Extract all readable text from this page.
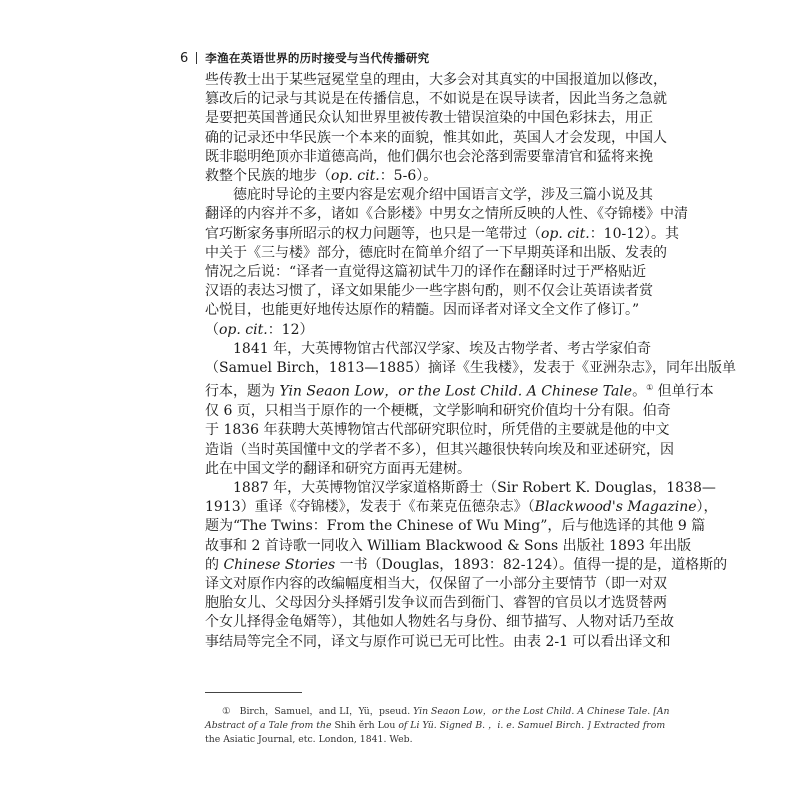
6 李渔在英语世界的历时接受与当代传播研究
些传教士出于某些冠冕堂皇的理由，大多会对其真实的中国报道加以修改，
篡改后的记录与其说是在传播信息，不如说是在误导读者，因此当务之急就
是要把英国普通民众认知世界里被传教士错误渲染的中国色彩抹去，用正
确的记录还中华民族一个本来的面貌，惟其如此，英国人才会发现，中国人
既非聪明绝顶亦非道德高尚，他们偶尔也会沦落到需要靠清官和猛将来挽
救整个民族的地步（op. cit.：5-6）。
德庇时导论的主要内容是宏观介绍中国语言文学，涉及三篇小说及其
翻译的内容并不多，诸如《合影楼》中男女之情所反映的人性、《夺锦楼》中清
官巧断家务事所昭示的权力问题等，也只是一笔带过（op. cit.：10-12）。其
中关于《三与楼》部分，德庇时在简单介绍了一下早期英译和出版、发表的
情况之后说：“译者一直觉得这篇初试牛刀的译作在翻译时过于严格贴近
汉语的表达习惯了，译文如果能少一些字斟句酌，则不仅会让英语读者赏
心悦目，也能更好地传达原作的精髓。因而译者对译文全文作了修订。”
（op. cit.：12）
1841 年，大英博物馆古代部汉学家、埃及古物学者、考古学家伯奇
（Samuel Birch，1813—1885）摘译《生我楼》，发表于《亚洲杂志》，同年出版单
行本，题为 Yin Seaon Low，or the Lost Child. A Chinese Tale。① 但单行本
仅 6 页，只相当于原作的一个梗概，文学影响和研究价值均十分有限。伯奇
于 1836 年获聘大英博物馆古代部研究职位时，所凭借的主要就是他的中文
造诣（当时英国懂中文的学者不多），但其兴趣很快转向埃及和亚述研究，因
此在中国文学的翻译和研究方面再无建树。
1887 年，大英博物馆汉学家道格斯爵士（Sir Robert K. Douglas，1838—
1913）重译《夺锦楼》，发表于《布莱克伍德杂志》（Blackwood's Magazine），
题为“The Twins：From the Chinese of Wu Ming”，后与他选译的其他 9 篇
故事和 2 首诗歌一同收入 William Blackwood & Sons 出版社 1893 年出版
的 Chinese Stories 一书（Douglas，1893：82-124）。值得一提的是，道格斯的
译文对原作内容的改编幅度相当大，仅保留了一小部分主要情节（即一对双
胞胎女儿、父母因分头择婿引发争议而告到衙门、睿智的官员以才选贤替两
个女儿择得金龟婿等），其他如人物姓名与身份、细节描写、人物对话乃至故
事结局等完全不同，译文与原作可说已无可比性。由表 2-1 可以看出译文和
①　Birch，Samuel，and LI，Yü，pseud. Yin Seaon Low，or the Lost Child. A Chinese Tale. [An
Abstract of a Tale from the Shih ěrh Lou of Li Yü. Signed B. ，i. e. Samuel Birch. ] Extracted from
the Asiatic Journal, etc. London, 1841. Web.
